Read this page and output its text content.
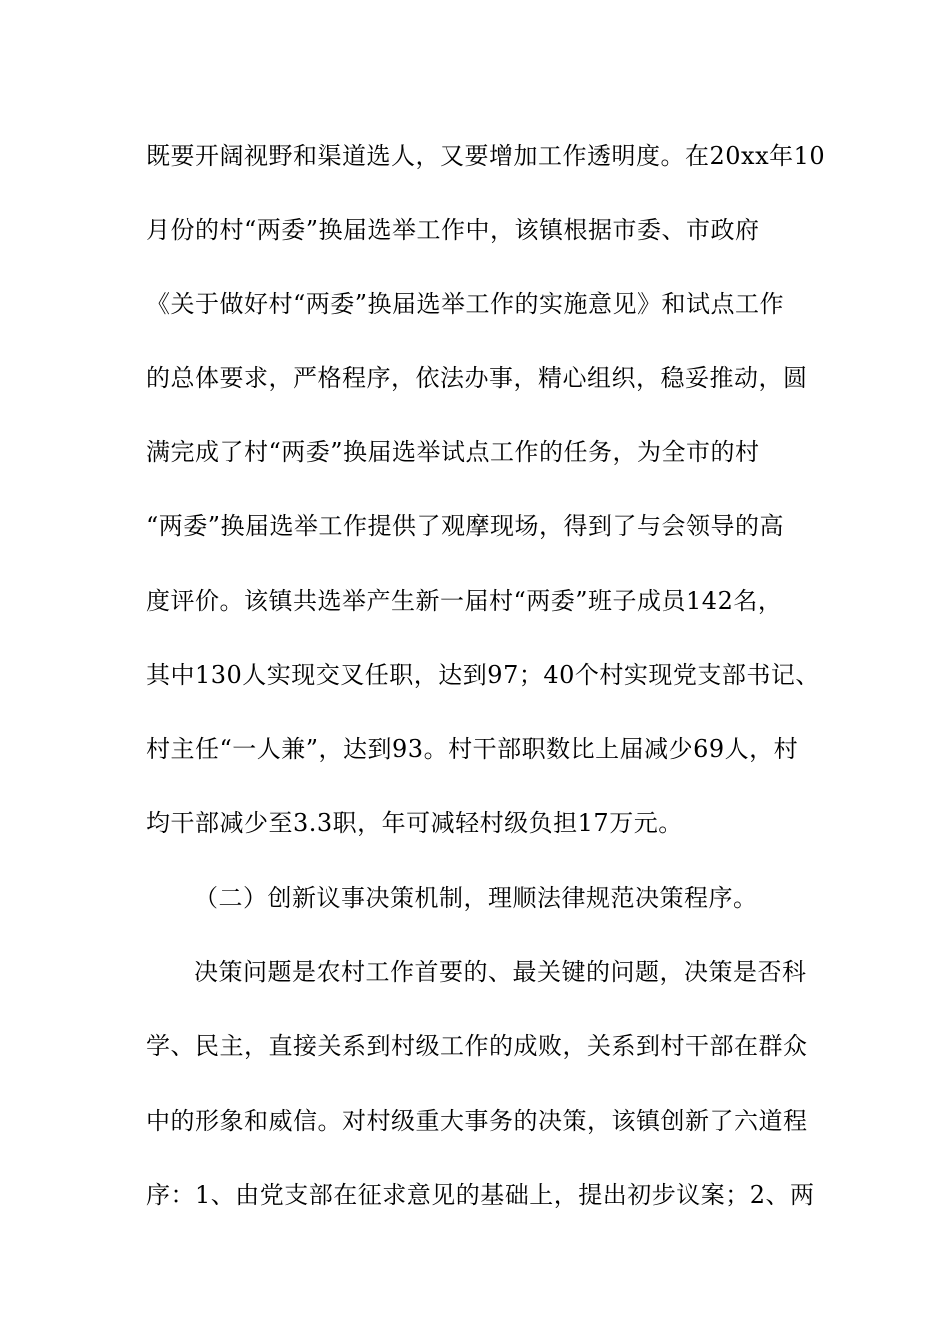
既要开阔视野和渠道选人，又要增加工作透明度。在20xx年10
月份的村“两委”换届选举工作中，该镇根据市委、市政府
《关于做好村“两委”换届选举工作的实施意见》和试点工作
的总体要求，严格程序，依法办事，精心组织，稳妥推动，圆
满完成了村“两委”换届选举试点工作的任务，为全市的村
“两委”换届选举工作提供了观摩现场，得到了与会领导的高
度评价。该镇共选举产生新一届村“两委”班子成员142名，
其中130人实现交叉任职，达到97；40个村实现党支部书记、
村主任“一人兼”，达到93。村干部职数比上届减少69人，村
均干部减少至3.3职，年可减轻村级负担17万元。
（二）创新议事决策机制，理顺法律规范决策程序。
决策问题是农村工作首要的、最关键的问题，决策是否科
学、民主，直接关系到村级工作的成败，关系到村干部在群众
中的形象和威信。对村级重大事务的决策，该镇创新了六道程
序：1、由党支部在征求意见的基础上，提出初步议案；2、两
